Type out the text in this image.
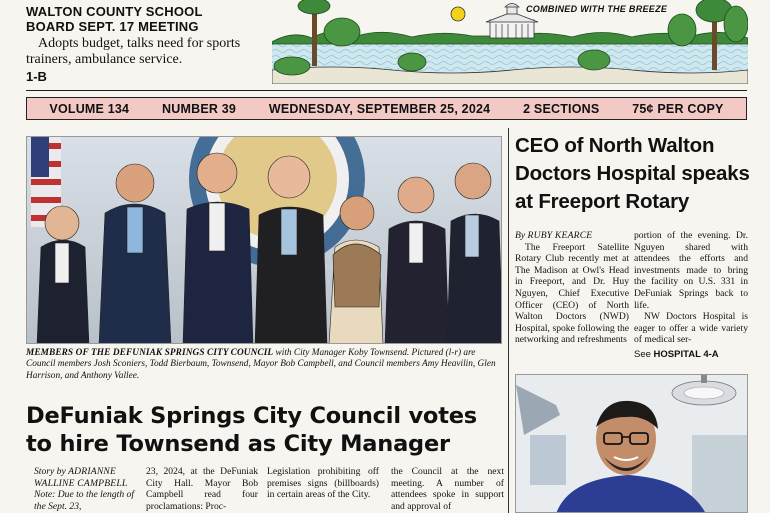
WALTON COUNTY SCHOOL
BOARD SEPT. 17 MEETING
Adopts budget, talks need for sports trainers, ambulance service.
1-B
COMBINED WITH THE BREEZE
VOLUME 134	NUMBER 39	WEDNESDAY, SEPTEMBER 25, 2024	2 SECTIONS	75¢ PER COPY
MEMBERS OF THE DEFUNIAK SPRINGS CITY COUNCIL with City Manager Koby Townsend. Pictured (l-r) are Council members Josh Sconiers, Todd Bierbaum, Townsend, Mayor Bob Campbell, and Council members Amy Heavilin, Glen Harrison, and Anthony Vallee.
DeFuniak Springs City Council votes
to hire Townsend as City Manager
Story by ADRIANNE WALLINE CAMPBELL
Note: Due to the length of the Sept. 23,

23, 2024, at the DeFuniak City Hall. Mayor Bob Campbell read four proclamations: Proc-

Legislation prohibiting off premises signs (billboards) in certain areas of the City.

the Council at the next meeting. A number of attendees spoke in support and approval of

CEO of North Walton
Doctors Hospital speaks
at Freeport Rotary
By RUBY KEARCE

The Freeport Satellite Rotary Club recently met at The Madison at Owl's Head in Freeport, and Dr. Huy Nguyen, Chief Executive Officer (CEO) of North Walton Doctors (NWD) Hospital, spoke following the networking and refreshments

portion of the evening. Dr. Nguyen shared with attendees the efforts and investments made to bring the facility on U.S. 331 in DeFuniak Springs back to life.

NW Doctors Hospital is eager to offer a wide variety of medical ser-

See HOSPITAL 4-A
